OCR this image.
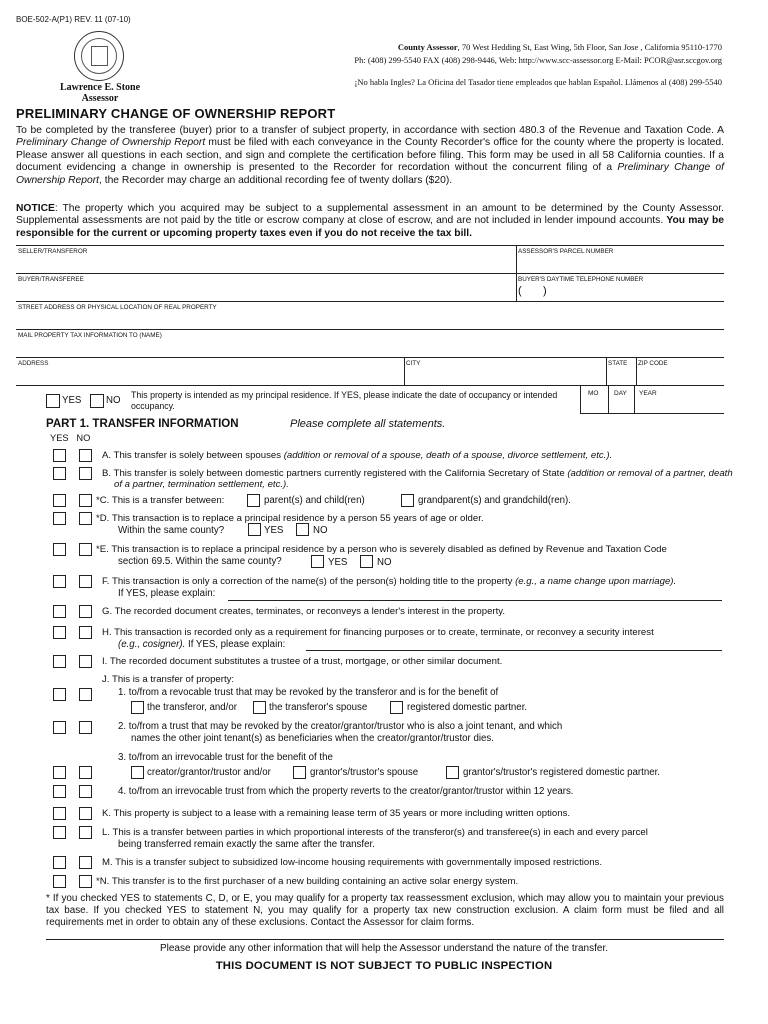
BOE-502-A(P1) REV. 11 (07-10)
Lawrence E. Stone
Assessor
County Assessor, 70 West Hedding St, East Wing, 5th Floor, San Jose , California 95110-1770
Ph: (408) 299-5540 FAX (408) 298-9446, Web: http://www.scc-assessor.org E-Mail: PCOR@asr.sccgov.org
¡No habla Ingles? La Oficina del Tasador tiene empleados que hablan Español. Llámenos al (408) 299-5540
PRELIMINARY CHANGE OF OWNERSHIP REPORT
To be completed by the transferee (buyer) prior to a transfer of subject property, in accordance with section 480.3 of the Revenue and Taxation Code. A Preliminary Change of Ownership Report must be filed with each conveyance in the County Recorder's office for the county where the property is located. Please answer all questions in each section, and sign and complete the certification before filing. This form may be used in all 58 California counties. If a document evidencing a change in ownership is presented to the Recorder for recordation without the concurrent filing of a Preliminary Change of Ownership Report, the Recorder may charge an additional recording fee of twenty dollars ($20).
NOTICE: The property which you acquired may be subject to a supplemental assessment in an amount to be determined by the County Assessor. Supplemental assessments are not paid by the title or escrow company at close of escrow, and are not included in lender impound accounts. You may be responsible for the current or upcoming property taxes even if you do not receive the tax bill.
SELLER/TRANSFEROR	ASSESSOR'S PARCEL NUMBER
BUYER/TRANSFEREE	BUYER'S DAYTIME TELEPHONE NUMBER
(       )
STREET ADDRESS OR PHYSICAL LOCATION OF REAL PROPERTY
MAIL PROPERTY TAX INFORMATION TO (NAME)
ADDRESS	CITY	STATE	ZIP CODE
YES	NO This property is intended as my principal residence. If YES, please indicate the date of occupancy or intended occupancy.
MO DAY YEAR
PART 1. TRANSFER INFORMATION	Please complete all statements.
YES NO
A. This transfer is solely between spouses (addition or removal of a spouse, death of a spouse, divorce settlement, etc.).
B. This transfer is solely between domestic partners currently registered with the California Secretary of State (addition or removal of a partner, death of a partner, termination settlement, etc.).
*C. This is a transfer between:	parent(s) and child(ren)	grandparent(s) and grandchild(ren).
*D. This transaction is to replace a principal residence by a person 55 years of age or older.
Within the same county?	YES	NO
*E. This transaction is to replace a principal residence by a person who is severely disabled as defined by Revenue and Taxation Code
section 69.5. Within the same county?	YES	NO
F. This transaction is only a correction of the name(s) of the person(s) holding title to the property (e.g., a name change upon marriage).
If YES, please explain:
G. The recorded document creates, terminates, or reconveys a lender's interest in the property.
H. This transaction is recorded only as a requirement for financing purposes or to create, terminate, or reconvey a security interest
(e.g., cosigner). If YES, please explain:
I. The recorded document substitutes a trustee of a trust, mortgage, or other similar document.
J. This is a transfer of property:
1. to/from a revocable trust that may be revoked by the transferor and is for the benefit of
the transferor, and/or	the transferor's spouse	registered domestic partner.
2. to/from a trust that may be revoked by the creator/grantor/trustor who is also a joint tenant, and which
names the other joint tenant(s) as beneficiaries when the creator/grantor/trustor dies.
3. to/from an irrevocable trust for the benefit of the
creator/grantor/trustor and/or	grantor's/trustor's spouse	grantor's/trustor's registered domestic partner.
4. to/from an irrevocable trust from which the property reverts to the creator/grantor/trustor within 12 years.
K. This property is subject to a lease with a remaining lease term of 35 years or more including written options.
L. This is a transfer between parties in which proportional interests of the transferor(s) and transferee(s) in each and every parcel
being transferred remain exactly the same after the transfer.
M. This is a transfer subject to subsidized low-income housing requirements with governmentally imposed restrictions.
*N. This transfer is to the first purchaser of a new building containing an active solar energy system.
* If you checked YES to statements C, D, or E, you may qualify for a property tax reassessment exclusion, which may allow you to maintain your previous tax base. If you checked YES to statement N, you may qualify for a property tax new construction exclusion. A claim form must be filed and all requirements met in order to obtain any of these exclusions. Contact the Assessor for claim forms.
Please provide any other information that will help the Assessor understand the nature of the transfer.
THIS DOCUMENT IS NOT SUBJECT TO PUBLIC INSPECTION
